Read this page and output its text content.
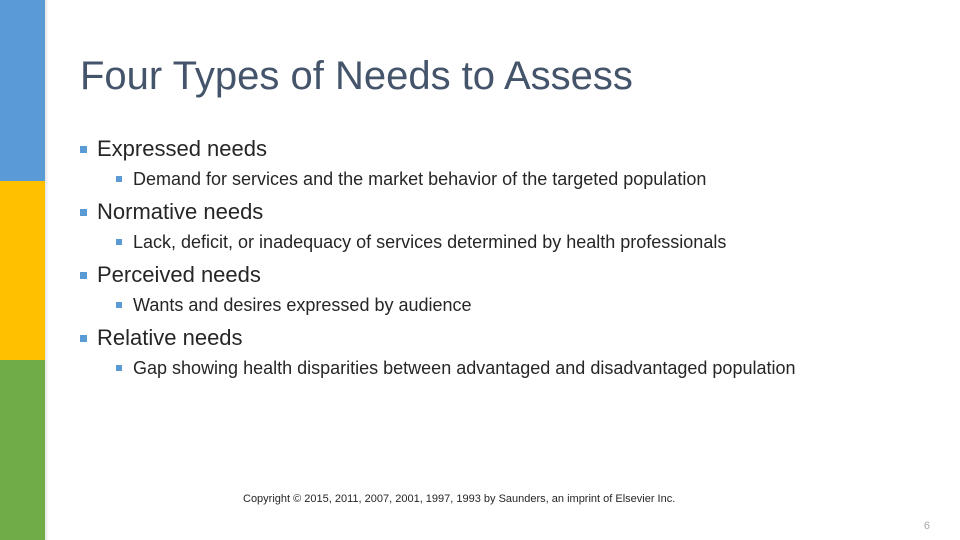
Four Types of Needs to Assess
Expressed needs
Demand for services and the market behavior of the targeted population
Normative needs
Lack, deficit, or inadequacy of services determined by health professionals
Perceived needs
Wants and desires expressed by audience
Relative needs
Gap showing health disparities between advantaged and disadvantaged population
Copyright © 2015, 2011, 2007, 2001, 1997, 1993 by Saunders, an imprint of Elsevier Inc.
6
